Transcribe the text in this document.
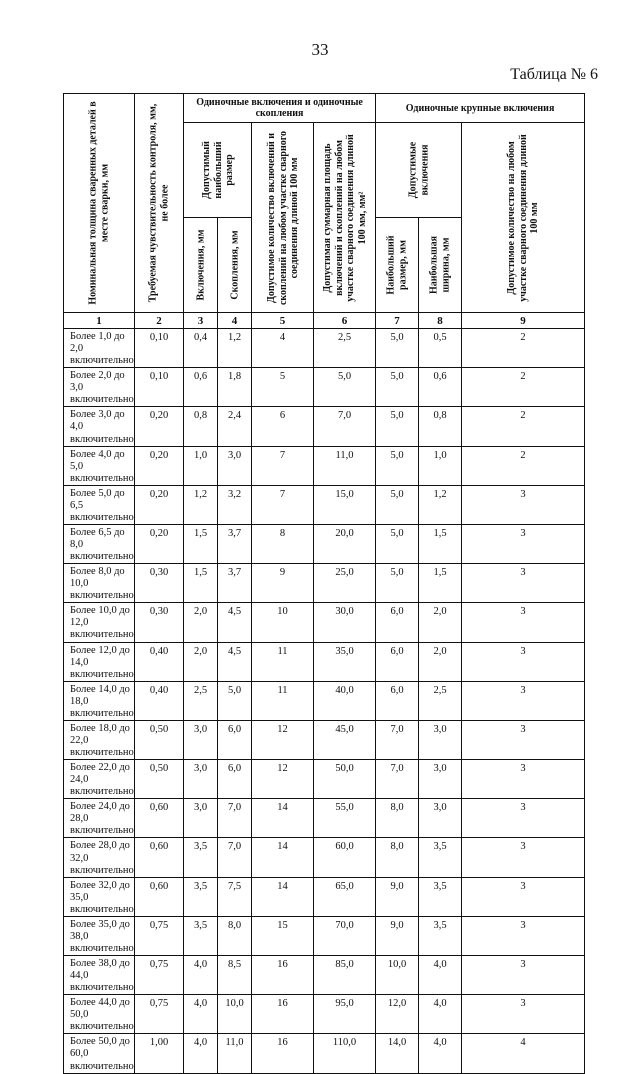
33
Таблица № 6
Номинальная толщина сваренных деталей в месте сварки, мм	Требуемая чувствительность контроля, мм, не более	Одиночные включения и одиночные скопления				Одиночные крупные включения		

		Допустимый наибольший размер		Допустимое количество включений и скоплений на любом участке сварного соединения длиной 100 мм	Допустимая суммарная площадь включений и скоплений на любом участке сварного соединения длиной 100 мм, мм²	Допустимые включения		Допустимое количество на любом участке сварного соединения длиной 100 мм

		Включения, мм	Скопления, мм			Наибольший размер, мм	Наибольшая ширина, мм	

1	2	3	4	5	6	7	8	9
Более 1,0 до 2,0 включительно	0,10	0,4	1,2	4	2,5	5,0	0,5	2
Более 2,0 до 3,0 включительно	0,10	0,6	1,8	5	5,0	5,0	0,6	2
Более 3,0 до 4,0 включительно	0,20	0,8	2,4	6	7,0	5,0	0,8	2
Более 4,0 до 5,0 включительно	0,20	1,0	3,0	7	11,0	5,0	1,0	2
Более 5,0 до 6,5 включительно	0,20	1,2	3,2	7	15,0	5,0	1,2	3
Более 6,5 до 8,0 включительно	0,20	1,5	3,7	8	20,0	5,0	1,5	3
Более 8,0 до 10,0 включительно	0,30	1,5	3,7	9	25,0	5,0	1,5	3
Более 10,0 до 12,0 включительно	0,30	2,0	4,5	10	30,0	6,0	2,0	3
Более 12,0 до 14,0 включительно	0,40	2,0	4,5	11	35,0	6,0	2,0	3
Более 14,0 до 18,0 включительно	0,40	2,5	5,0	11	40,0	6,0	2,5	3
Более 18,0 до 22,0 включительно	0,50	3,0	6,0	12	45,0	7,0	3,0	3
Более 22,0 до 24,0 включительно	0,50	3,0	6,0	12	50,0	7,0	3,0	3
Более 24,0 до 28,0 включительно	0,60	3,0	7,0	14	55,0	8,0	3,0	3
Более 28,0 до 32,0 включительно	0,60	3,5	7,0	14	60,0	8,0	3,5	3
Более 32,0 до 35,0 включительно	0,60	3,5	7,5	14	65,0	9,0	3,5	3
Более 35,0 до 38,0 включительно	0,75	3,5	8,0	15	70,0	9,0	3,5	3
Более 38,0 до 44,0 включительно	0,75	4,0	8,5	16	85,0	10,0	4,0	3
Более 44,0 до 50,0 включительно	0,75	4,0	10,0	16	95,0	12,0	4,0	3
Более 50,0 до 60,0 включительно	1,00	4,0	11,0	16	110,0	14,0	4,0	4
